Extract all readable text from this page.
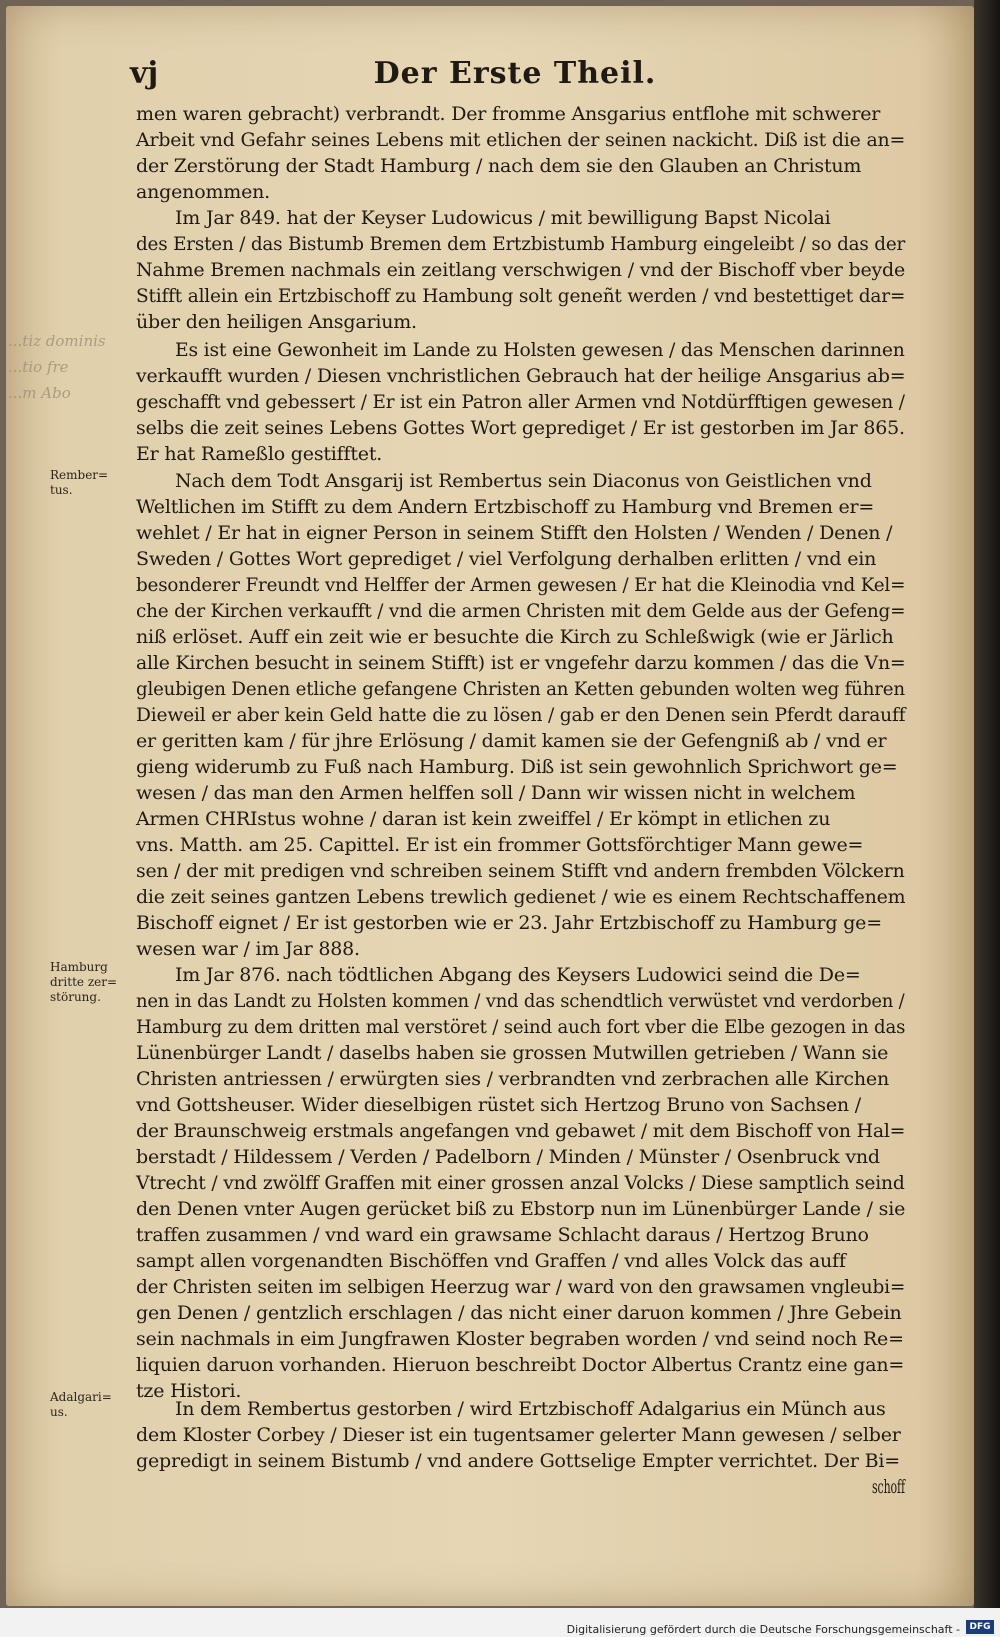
vj	Der Erste Theil.
...tiz dominis
...tio fre
...m Abo
Rember=
tus.
Hamburg
dritte zer=
störung.
Adalgari=
us.
men waren gebracht) verbrandt. Der fromme Ansgarius entflohe mit schwerer
Arbeit vnd Gefahr seines Lebens mit etlichen der seinen nackicht. Diß ist die an=
der Zerstörung der Stadt Hamburg / nach dem sie den Glauben an Christum
angenommen.
Im Jar 849. hat der Keyser Ludowicus / mit bewilligung Bapst Nicolai
des Ersten / das Bistumb Bremen dem Ertzbistumb Hamburg eingeleibt / so das der
Nahme Bremen nachmals ein zeitlang verschwigen / vnd der Bischoff vber beyde
Stifft allein ein Ertzbischoff zu Hambung solt geneñt werden / vnd bestettiget dar=
über den heiligen Ansgarium.
Es ist eine Gewonheit im Lande zu Holsten gewesen / das Menschen darinnen
verkaufft wurden / Diesen vnchristlichen Gebrauch hat der heilige Ansgarius ab=
geschafft vnd gebessert / Er ist ein Patron aller Armen vnd Notdürfftigen gewesen /
selbs die zeit seines Lebens Gottes Wort geprediget / Er ist gestorben im Jar 865.
Er hat Rameßlo gestifftet.
Nach dem Todt Ansgarij ist Rembertus sein Diaconus von Geistlichen vnd
Weltlichen im Stifft zu dem Andern Ertzbischoff zu Hamburg vnd Bremen er=
wehlet / Er hat in eigner Person in seinem Stifft den Holsten / Wenden / Denen /
Sweden / Gottes Wort geprediget / viel Verfolgung derhalben erlitten / vnd ein
besonderer Freundt vnd Helffer der Armen gewesen / Er hat die Kleinodia vnd Kel=
che der Kirchen verkaufft / vnd die armen Christen mit dem Gelde aus der Gefeng=
niß erlöset. Auff ein zeit wie er besuchte die Kirch zu Schleßwigk (wie er Järlich
alle Kirchen besucht in seinem Stifft) ist er vngefehr darzu kommen / das die Vn=
gleubigen Denen etliche gefangene Christen an Ketten gebunden wolten weg führen
Dieweil er aber kein Geld hatte die zu lösen / gab er den Denen sein Pferdt darauff
er geritten kam / für jhre Erlösung / damit kamen sie der Gefengniß ab / vnd er
gieng widerumb zu Fuß nach Hamburg. Diß ist sein gewohnlich Sprichwort ge=
wesen / das man den Armen helffen soll / Dann wir wissen nicht in welchem
Armen CHRIstus wohne / daran ist kein zweiffel / Er kömpt in etlichen zu
vns. Matth. am 25. Capittel. Er ist ein frommer Gottsförchtiger Mann gewe=
sen / der mit predigen vnd schreiben seinem Stifft vnd andern frembden Völckern
die zeit seines gantzen Lebens trewlich gedienet / wie es einem Rechtschaffenem
Bischoff eignet / Er ist gestorben wie er 23. Jahr Ertzbischoff zu Hamburg ge=
wesen war / im Jar 888.
Im Jar 876. nach tödtlichen Abgang des Keysers Ludowici seind die De=
nen in das Landt zu Holsten kommen / vnd das schendtlich verwüstet vnd verdorben /
Hamburg zu dem dritten mal verstöret / seind auch fort vber die Elbe gezogen in das
Lünenbürger Landt / daselbs haben sie grossen Mutwillen getrieben / Wann sie
Christen antriessen / erwürgten sies / verbrandten vnd zerbrachen alle Kirchen
vnd Gottsheuser. Wider dieselbigen rüstet sich Hertzog Bruno von Sachsen /
der Braunschweig erstmals angefangen vnd gebawet / mit dem Bischoff von Hal=
berstadt / Hildessem / Verden / Padelborn / Minden / Münster / Osenbruck vnd
Vtrecht / vnd zwölff Graffen mit einer grossen anzal Volcks / Diese samptlich seind
den Denen vnter Augen gerücket biß zu Ebstorp nun im Lünenbürger Lande / sie
traffen zusammen / vnd ward ein grawsame Schlacht daraus / Hertzog Bruno
sampt allen vorgenandten Bischöffen vnd Graffen / vnd alles Volck das auff
der Christen seiten im selbigen Heerzug war / ward von den grawsamen vngleubi=
gen Denen / gentzlich erschlagen / das nicht einer daruon kommen / Jhre Gebein
sein nachmals in eim Jungfrawen Kloster begraben worden / vnd seind noch Re=
liquien daruon vorhanden. Hieruon beschreibt Doctor Albertus Crantz eine gan=
tze Histori.
In dem Rembertus gestorben / wird Ertzbischoff Adalgarius ein Münch aus
dem Kloster Corbey / Dieser ist ein tugentsamer gelerter Mann gewesen / selber
gepredigt in seinem Bistumb / vnd andere Gottselige Empter verrichtet. Der Bi=
schoff
Digitalisierung gefördert durch die Deutsche Forschungsgemeinschaft -	DFG
